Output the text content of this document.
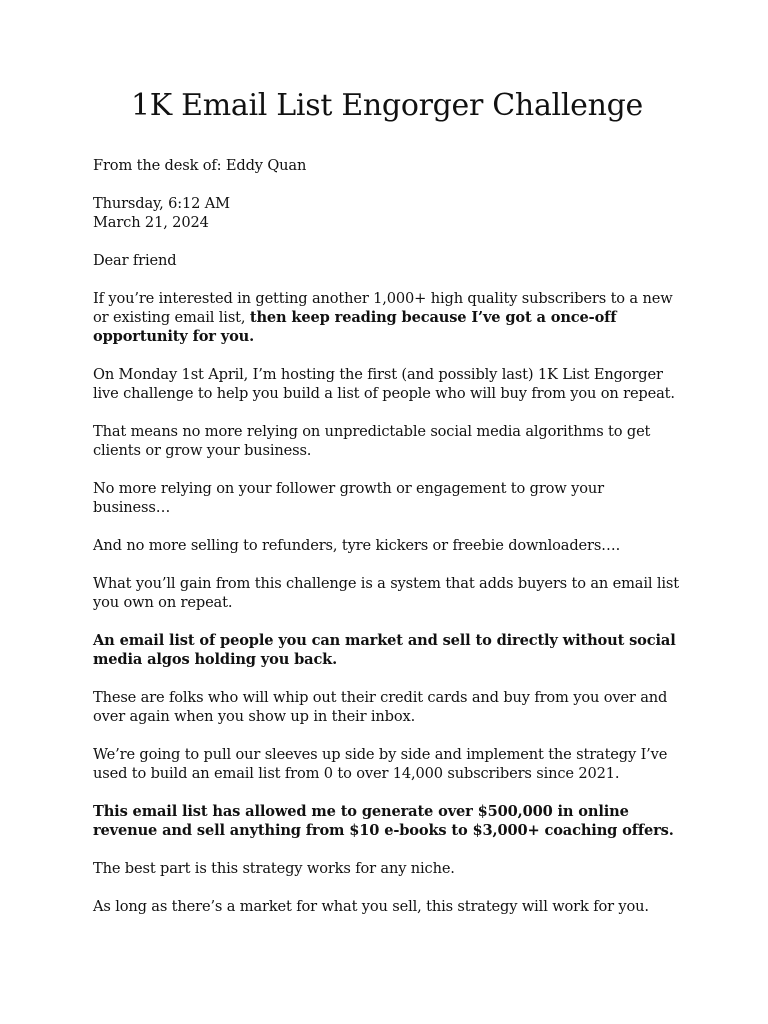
1K Email List Engorger Challenge

From the desk of: Eddy Quan

Thursday, 6:12 AM
March 21, 2024

Dear friend

If you’re interested in getting another 1,000+ high quality subscribers to a new or existing email list, then keep reading because I’ve got a once-off opportunity for you.

On Monday 1st April, I’m hosting the first (and possibly last) 1K List Engorger live challenge to help you build a list of people who will buy from you on repeat.

That means no more relying on unpredictable social media algorithms to get clients or grow your business.

No more relying on your follower growth or engagement to grow your business…

And no more selling to refunders, tyre kickers or freebie downloaders….

What you’ll gain from this challenge is a system that adds buyers to an email list you own on repeat.

An email list of people you can market and sell to directly without social media algos holding you back.

These are folks who will whip out their credit cards and buy from you over and over again when you show up in their inbox.

We’re going to pull our sleeves up side by side and implement the strategy I’ve used to build an email list from 0 to over 14,000 subscribers since 2021.

This email list has allowed me to generate over $500,000 in online revenue and sell anything from $10 e-books to $3,000+ coaching offers.

The best part is this strategy works for any niche.

As long as there’s a market for what you sell, this strategy will work for you.
